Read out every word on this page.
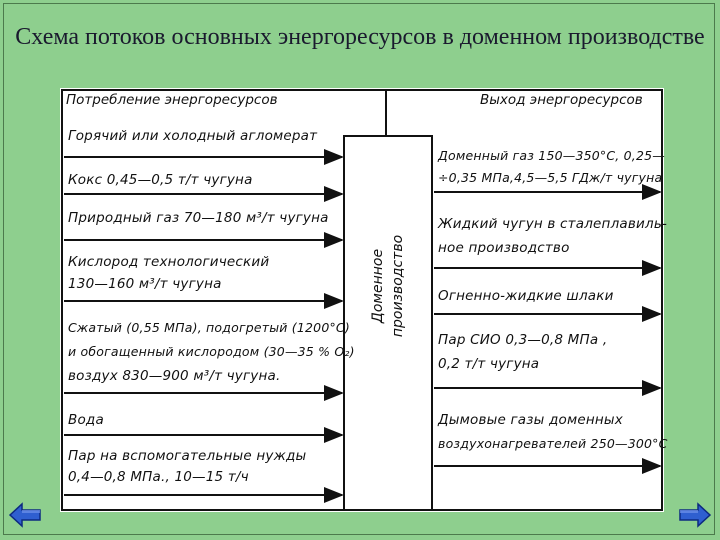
Схема потоков основных энергоресурсов в доменном производстве
Потребление энергоресурсов	Выход энергоресурсов
Доменное производство
Горячий или холодный агломерат
Кокс 0,45—0,5 т/т чугуна
Природный газ 70—180 м³/т чугуна
Кислород технологический
130—160 м³/т чугуна
Сжатый (0,55 МПа), подогретый (1200°С)
и обогащенный кислородом (30—35 % О₂)
воздух 830—900 м³/т чугуна.
Вода
Пар на вспомогательные нужды
0,4—0,8 МПа., 10—15 т/ч
Доменный газ 150—350°С, 0,25—
÷0,35 МПа,4,5—5,5 ГДж/т чугуна
Жидкий чугун в сталеплавиль-
ное производство
Огненно-жидкие шлаки
Пар СИО 0,3—0,8 МПа ,
0,2 т/т чугуна
Дымовые газы доменных
воздухонагревателей 250—300°С
